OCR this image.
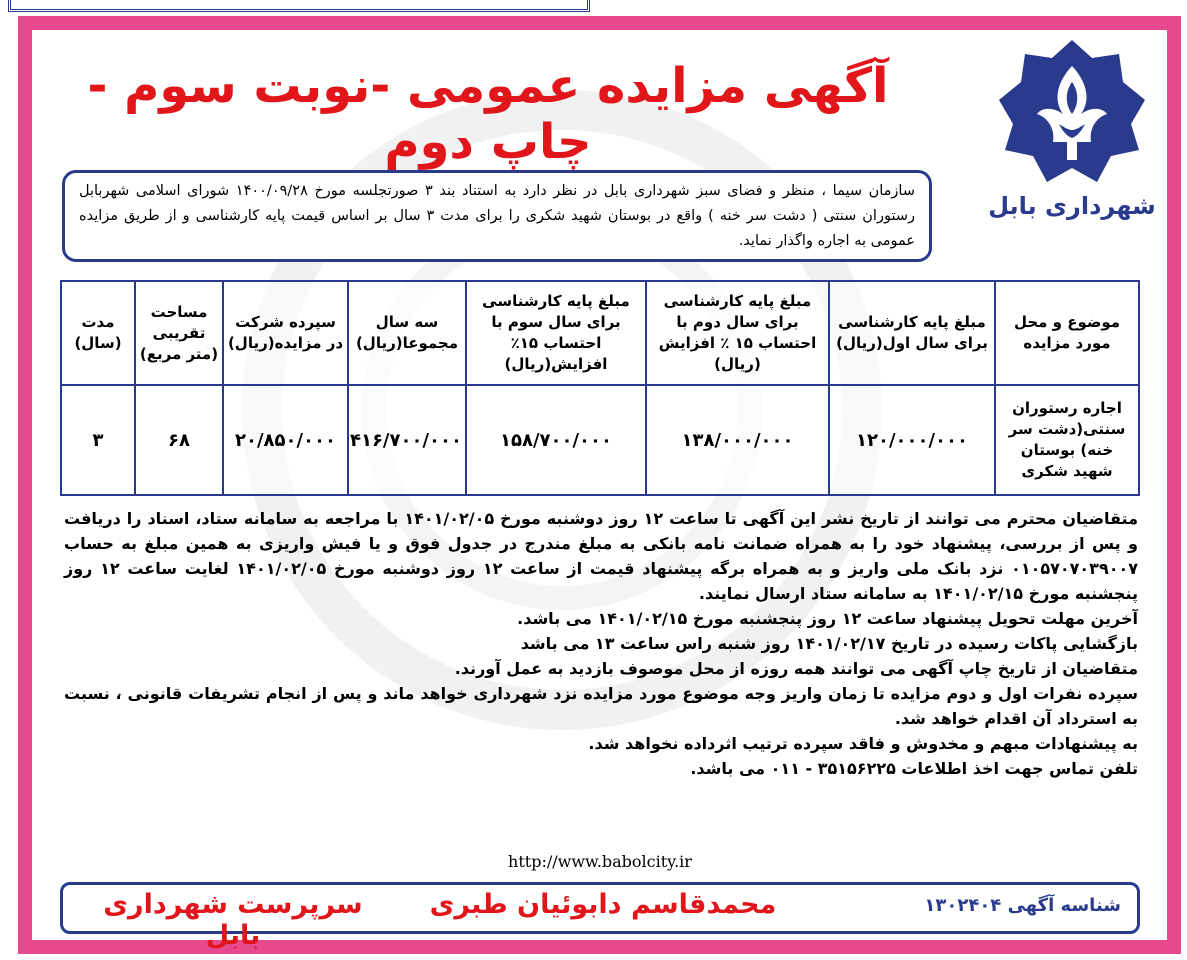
شهرداری بابل
آگهی مزایده عمومی -نوبت سوم - چاپ دوم
سازمان سیما ، منظر و فضای سبز شهرداری بابل در نظر دارد به استناد بند ۳ صورتجلسه مورخ ۱۴۰۰/۰۹/۲۸ شورای اسلامی شهربابل رستوران سنتی ( دشت سر خنه ) واقع در بوستان شهید شکری را برای مدت ۳ سال بر اساس قیمت پایه کارشناسی و از طریق مزایده عمومی به اجاره واگذار نماید.
موضوع و محل مورد مزایده	مبلغ پایه کارشناسی برای سال اول(ریال)	مبلغ پایه کارشناسی برای سال دوم با احتساب ۱۵ ٪ افزایش (ریال)	مبلغ پایه کارشناسی برای سال سوم با احتساب ۱۵٪ افزایش(ریال)	سه سال مجموعا(ریال)	سپرده شرکت در مزایده(ریال)	مساحت تقریبی (متر مربع)	مدت (سال)
اجاره رستوران سنتی(دشت سر خنه) بوستان شهید شکری	۱۲۰/۰۰۰/۰۰۰	۱۳۸/۰۰۰/۰۰۰	۱۵۸/۷۰۰/۰۰۰	۴۱۶/۷۰۰/۰۰۰	۲۰/۸۵۰/۰۰۰	۶۸	۳

متقاضیان محترم می توانند از تاریخ نشر این آگهی تا ساعت ۱۲ روز دوشنبه مورخ ۱۴۰۱/۰۲/۰۵ با مراجعه به سامانه ستاد، اسناد را دریافت و پس از بررسی، پیشنهاد خود را به همراه ضمانت نامه بانکی به مبلغ مندرج در جدول فوق و یا فیش واریزی به همین مبلغ به حساب ۰۱۰۵۷۰۷۰۳۹۰۰۷ نزد بانک ملی واریز و به همراه برگه پیشنهاد قیمت از ساعت ۱۲ روز دوشنبه مورخ ۱۴۰۱/۰۲/۰۵ لغایت ساعت ۱۲ روز پنجشنبه مورخ ۱۴۰۱/۰۲/۱۵ به سامانه ستاد ارسال نمایند.

آخرین مهلت تحویل پیشنهاد ساعت ۱۲ روز پنجشنبه مورخ ۱۴۰۱/۰۲/۱۵ می باشد.

بازگشایی پاکات رسیده در تاریخ ۱۴۰۱/۰۲/۱۷ روز شنبه راس ساعت ۱۳ می باشد

متقاضیان از تاریخ چاپ آگهی می توانند همه روزه از محل موصوف بازدید به عمل آورند.

سپرده نفرات اول و دوم مزایده تا زمان واریز وجه موضوع مورد مزایده نزد شهرداری خواهد ماند و پس از انجام تشریفات قانونی ، نسبت به استرداد آن اقدام خواهد شد.

به پیشنهادات مبهم و مخدوش و فاقد سپرده ترتیب اثرداده نخواهد شد.

تلفن تماس جهت اخذ اطلاعات ۳۵۱۵۶۲۲۵ - ۰۱۱ می باشد.

http://www.babolcity.ir
شناسه آگهی ۱۳۰۲۴۰۴
محمدقاسم دابوئیان طبری
سرپرست شهرداری بابل
